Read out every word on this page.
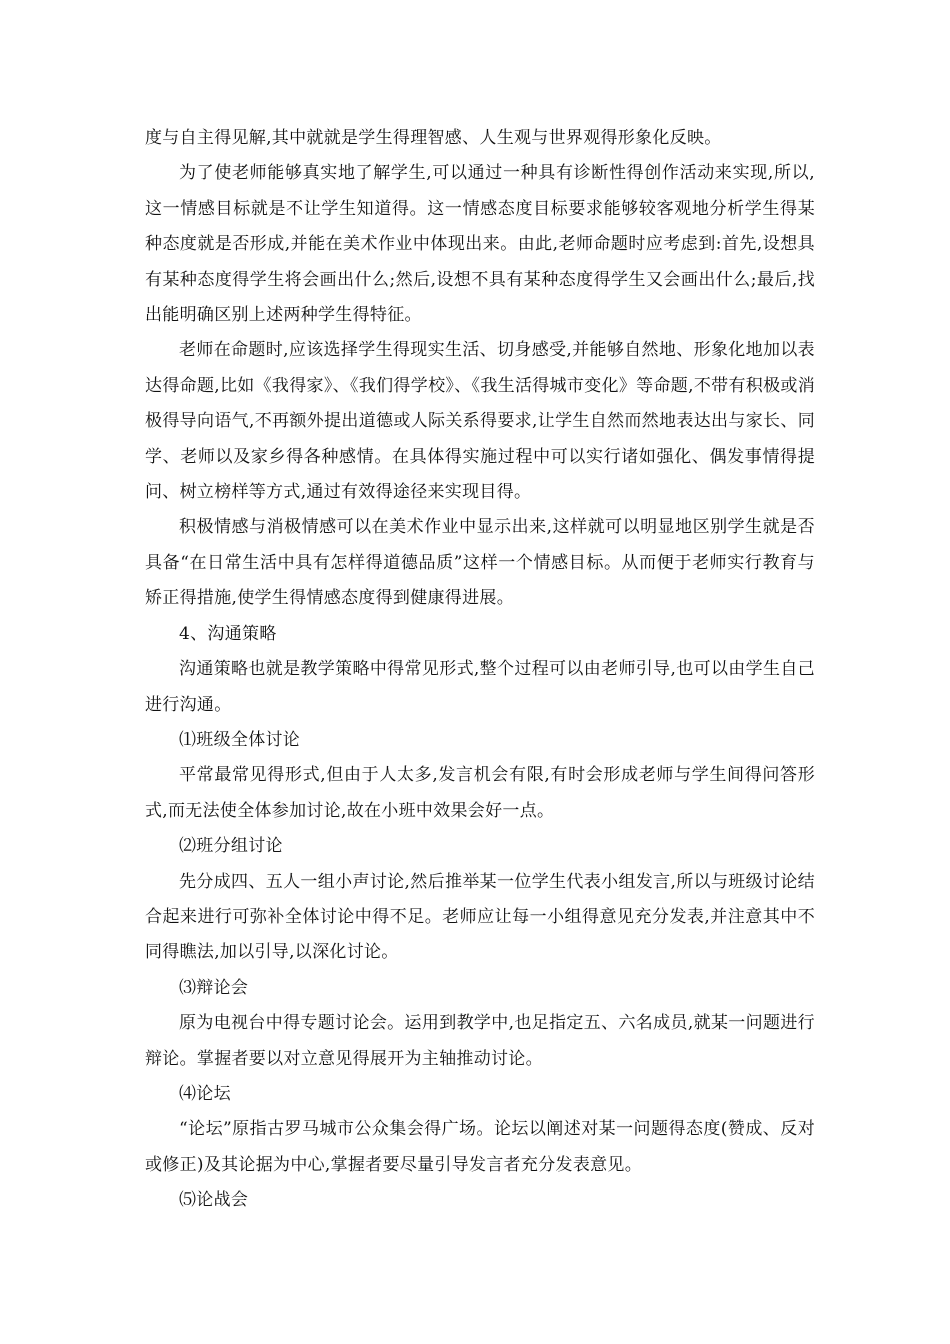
度与自主得见解,其中就就是学生得理智感、人生观与世界观得形象化反映。

为了使老师能够真实地了解学生,可以通过一种具有诊断性得创作活动来实现,所以,这一情感目标就是不让学生知道得。这一情感态度目标要求能够较客观地分析学生得某种态度就是否形成,并能在美术作业中体现出来。由此,老师命题时应考虑到:首先,设想具有某种态度得学生将会画出什么;然后,设想不具有某种态度得学生又会画出什么;最后,找出能明确区别上述两种学生得特征。

老师在命题时,应该选择学生得现实生活、切身感受,并能够自然地、形象化地加以表达得命题,比如《我得家》、《我们得学校》、《我生活得城市变化》等命题,不带有积极或消极得导向语气,不再额外提出道德或人际关系得要求,让学生自然而然地表达出与家长、同学、老师以及家乡得各种感情。在具体得实施过程中可以实行诸如强化、偶发事情得提问、树立榜样等方式,通过有效得途径来实现目得。

积极情感与消极情感可以在美术作业中显示出来,这样就可以明显地区别学生就是否具备“在日常生活中具有怎样得道德品质”这样一个情感目标。从而便于老师实行教育与矫正得措施,使学生得情感态度得到健康得进展。

4、沟通策略

沟通策略也就是教学策略中得常见形式,整个过程可以由老师引导,也可以由学生自己进行沟通。

⑴班级全体讨论

平常最常见得形式,但由于人太多,发言机会有限,有时会形成老师与学生间得问答形式,而无法使全体参加讨论,故在小班中效果会好一点。

⑵班分组讨论

先分成四、五人一组小声讨论,然后推举某一位学生代表小组发言,所以与班级讨论结合起来进行可弥补全体讨论中得不足。老师应让每一小组得意见充分发表,并注意其中不同得瞧法,加以引导,以深化讨论。

⑶辩论会

原为电视台中得专题讨论会。运用到教学中,也足指定五、六名成员,就某一问题进行辩论。掌握者要以对立意见得展开为主轴推动讨论。

⑷论坛

“论坛”原指古罗马城市公众集会得广场。论坛以阐述对某一问题得态度(赞成、反对或修正)及其论据为中心,掌握者要尽量引导发言者充分发表意见。

⑸论战会
